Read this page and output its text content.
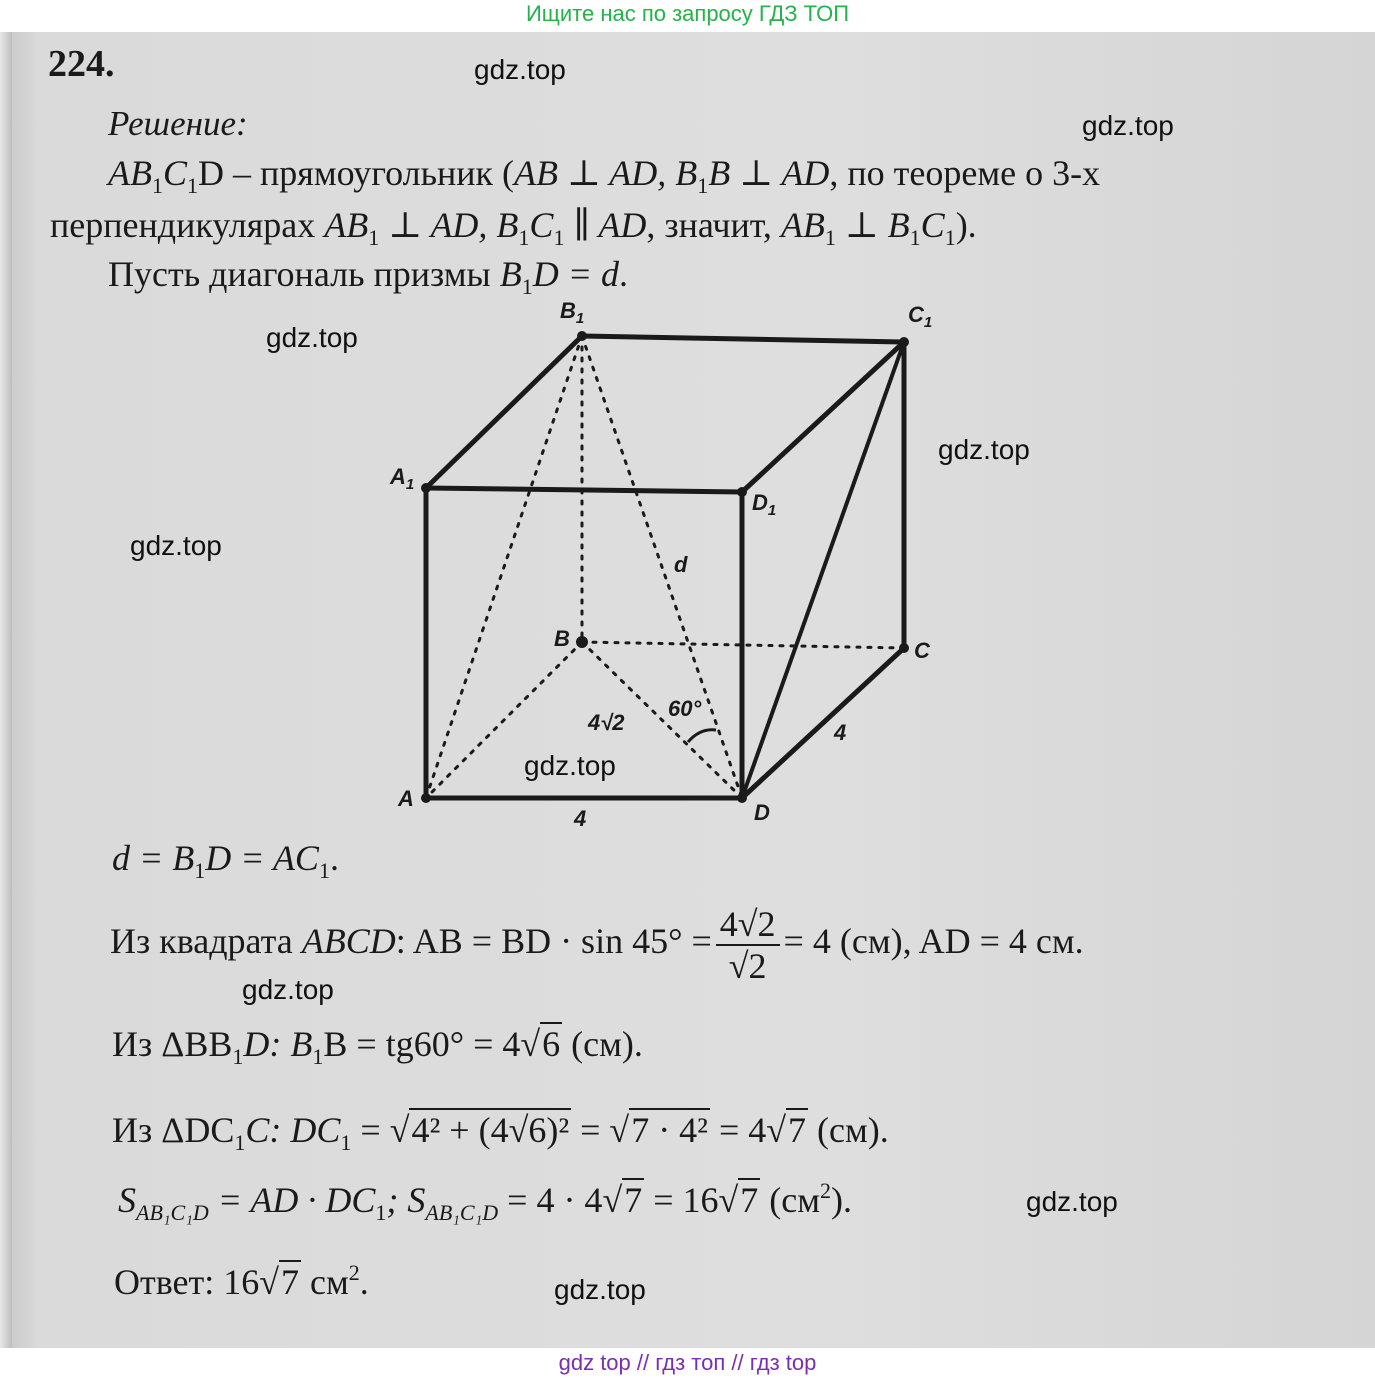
Ищите нас по запросу ГДЗ ТОП
224.
Решение:
$AB_1C_1D$ – прямоугольник (AB ⊥ AD, $B_1B$ ⊥ AD, по теореме о 3-х
перпендикулярах $AB_1$ ⊥ AD, $B_1C_1$ ∥ AD, значит, $AB_1$ ⊥ $B_1C_1$).
Пусть диагональ призмы $B_1D = d$.
$B_1$	$C_1$
$A_1$
$D_1$
B	C
A
D
d
4√2
60°
4
4
$d = B_1D = AC_1$.
Из квадрата ABCD: AB = BD · $\sin 45^\circ = \frac{4√2}{√2} = 4$ (см), AD = 4 см.
Из $\Delta BB_1D$: $B_1B = tg60^\circ = 4√6$ (см).
Из $\Delta DC_1C$: $DC_1 = √4^2 + (4√6)^2 = √7 \cdot 4^2 = 4√7$ (см).
$S_{AB_1C_1D}$ = AD · $DC_1$; $S_{AB_1C_1D} = 4 \cdot 4√7 = 16√7$ $(см^2)$.
Ответ: 16√7 $см^2$.
gdz.top
gdz.top
gdz.top
gdz.top
gdz.top
gdz.top
gdz.top
gdz.top
gdz.top
gdz top // гдз топ // гдз top
